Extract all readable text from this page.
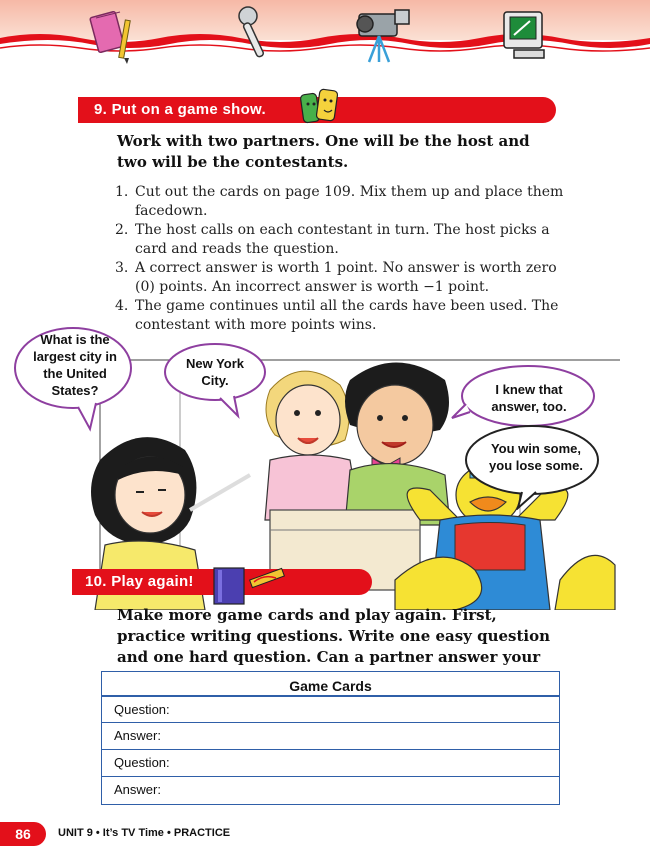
9. Put on a game show.
Work with two partners. One will be the host and two will be the contestants.
1. Cut out the cards on page 109. Mix them up and place them facedown.
2. The host calls on each contestant in turn. The host picks a card and reads the question.
3. A correct answer is worth 1 point. No answer is worth zero (0) points. An incorrect answer is worth −1 point.
4. The game continues until all the cards have been used. The contestant with more points wins.
What is the largest city in the United States?
New York City.
I knew that answer, too.
You win some, you lose some.
10. Play again!
Make more game cards and play again. First, practice writing questions. Write one easy question and one hard question. Can a partner answer your
Game Cards
Question:
Answer:
Question:
Answer:
86	UNIT 9 • It’s TV Time • PRACTICE
